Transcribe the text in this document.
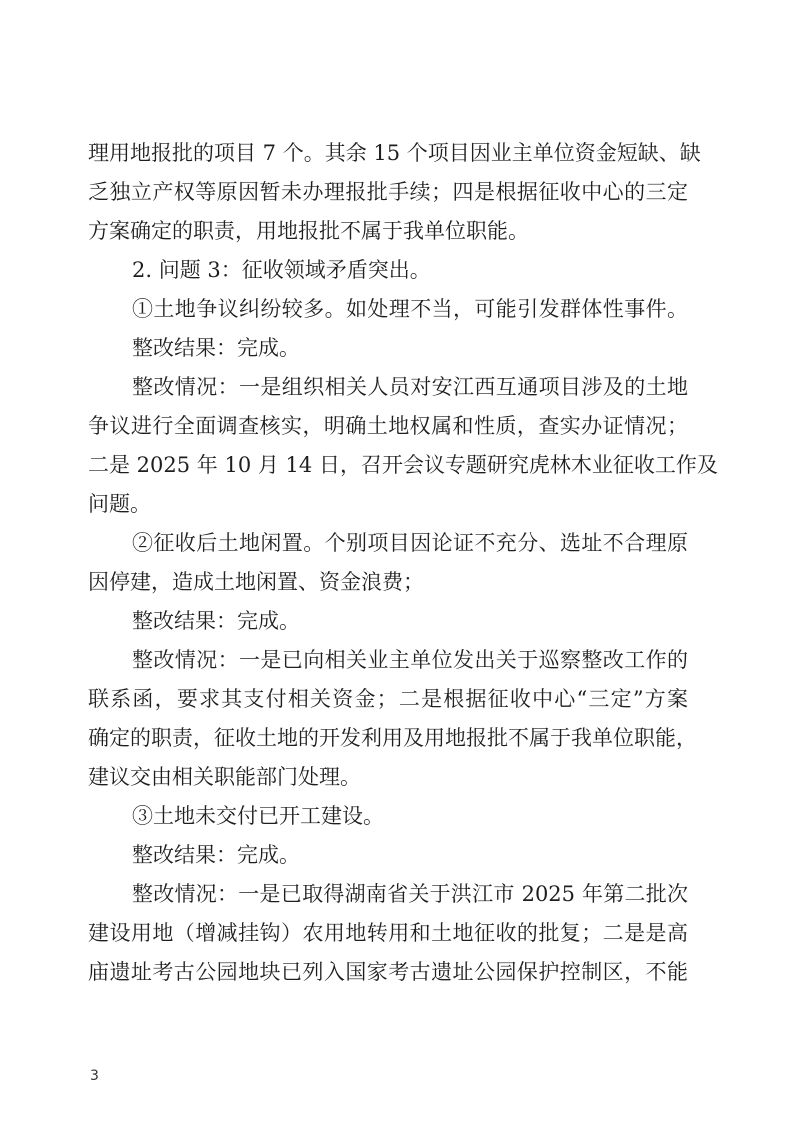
理用地报批的项目 7 个。其余 15 个项目因业主单位资金短缺、缺
乏独立产权等原因暂未办理报批手续；四是根据征收中心的三定
方案确定的职责，用地报批不属于我单位职能。
2. 问题 3：征收领域矛盾突出。
①土地争议纠纷较多。如处理不当，可能引发群体性事件。
整改结果：完成。
整改情况：一是组织相关人员对安江西互通项目涉及的土地
争议进行全面调查核实，明确土地权属和性质，查实办证情况；
二是 2025 年 10 月 14 日，召开会议专题研究虎林木业征收工作及
问题。
②征收后土地闲置。个别项目因论证不充分、选址不合理原
因停建，造成土地闲置、资金浪费；
整改结果：完成。
整改情况：一是已向相关业主单位发出关于巡察整改工作的
联系函，要求其支付相关资金；二是根据征收中心“三定”方案
确定的职责，征收土地的开发利用及用地报批不属于我单位职能，
建议交由相关职能部门处理。
③土地未交付已开工建设。
整改结果：完成。
整改情况：一是已取得湖南省关于洪江市 2025 年第二批次
建设用地（增减挂钩）农用地转用和土地征收的批复；二是是高
庙遗址考古公园地块已列入国家考古遗址公园保护控制区，不能
3
